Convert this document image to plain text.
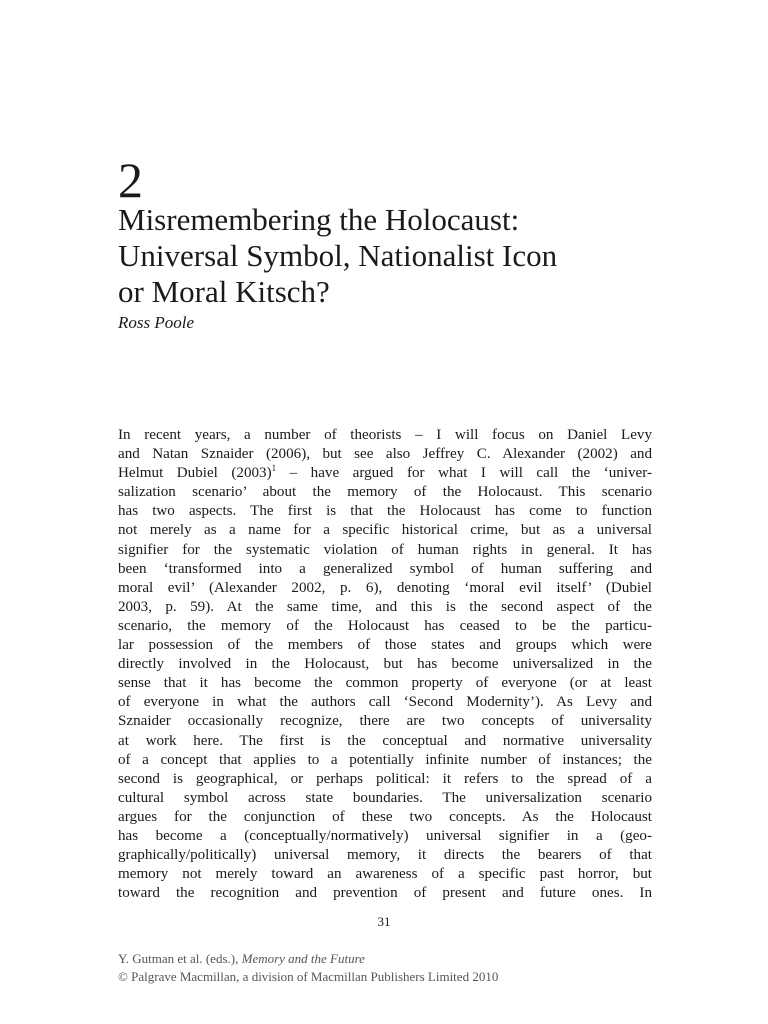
2
Misremembering the Holocaust:
Universal Symbol, Nationalist Icon
or Moral Kitsch?
Ross Poole
In recent years, a number of theorists – I will focus on Daniel Levy
and Natan Sznaider (2006), but see also Jeffrey C. Alexander (2002) and
Helmut Dubiel $(2003)^1$ – have argued for what I will call the ‘univer-
salization scenario’ about the memory of the Holocaust. This scenario
has two aspects. The first is that the Holocaust has come to function
not merely as a name for a specific historical crime, but as a universal
signifier for the systematic violation of human rights in general. It has
been ‘transformed into a generalized symbol of human suffering and
moral evil’ (Alexander 2002, p. 6), denoting ‘moral evil itself’ (Dubiel
2003, p. 59). At the same time, and this is the second aspect of the
scenario, the memory of the Holocaust has ceased to be the particu-
lar possession of the members of those states and groups which were
directly involved in the Holocaust, but has become universalized in the
sense that it has become the common property of everyone (or at least
of everyone in what the authors call ‘Second Modernity’). As Levy and
Sznaider occasionally recognize, there are two concepts of universality
at work here. The first is the conceptual and normative universality
of a concept that applies to a potentially infinite number of instances; the
second is geographical, or perhaps political: it refers to the spread of a
cultural symbol across state boundaries. The universalization scenario
argues for the conjunction of these two concepts. As the Holocaust
has become a (conceptually/normatively) universal signifier in a (geo-
graphically/politically) universal memory, it directs the bearers of that
memory not merely toward an awareness of a specific past horror, but
toward the recognition and prevention of present and future ones. In
31
Y. Gutman et al. (eds.), Memory and the Future
© Palgrave Macmillan, a division of Macmillan Publishers Limited 2010
